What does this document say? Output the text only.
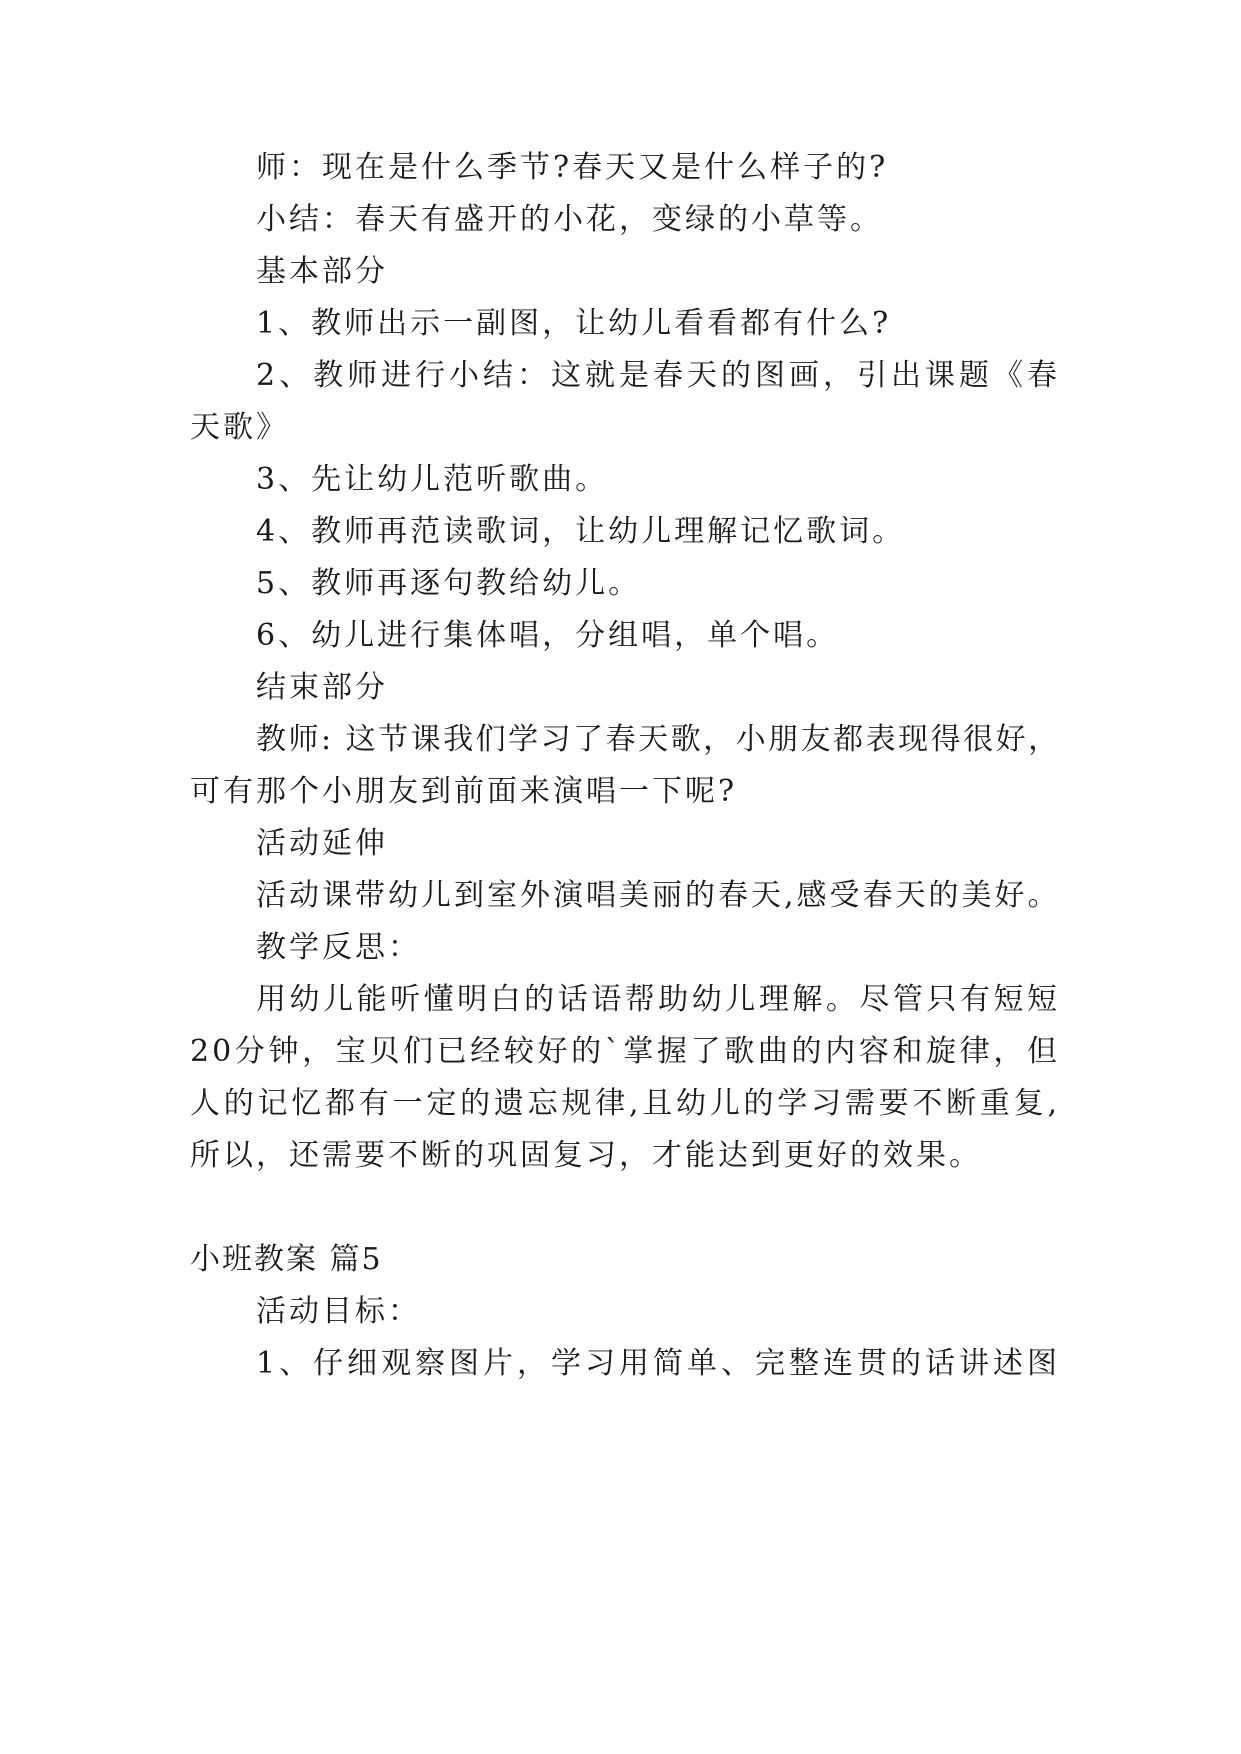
师：现在是什么季节?春天又是什么样子的?

小结：春天有盛开的小花，变绿的小草等。

基本部分

1、教师出示一副图，让幼儿看看都有什么?

2、教师进行小结：这就是春天的图画，引出课题《春

天歌》

3、先让幼儿范听歌曲。

4、教师再范读歌词，让幼儿理解记忆歌词。

5、教师再逐句教给幼儿。

6、幼儿进行集体唱，分组唱，单个唱。

结束部分

教师: 这节课我们学习了春天歌，小朋友都表现得很好，

可有那个小朋友到前面来演唱一下呢?

活动延伸

活动课带幼儿到室外演唱美丽的春天,感受春天的美好。

教学反思：

用幼儿能听懂明白的话语帮助幼儿理解。尽管只有短短

20分钟，宝贝们已经较好的`掌握了歌曲的内容和旋律，但

人的记忆都有一定的遗忘规律,且幼儿的学习需要不断重复,

所以，还需要不断的巩固复习，才能达到更好的效果。

小班教案 篇5

活动目标：

1、仔细观察图片，学习用简单、完整连贯的话讲述图
